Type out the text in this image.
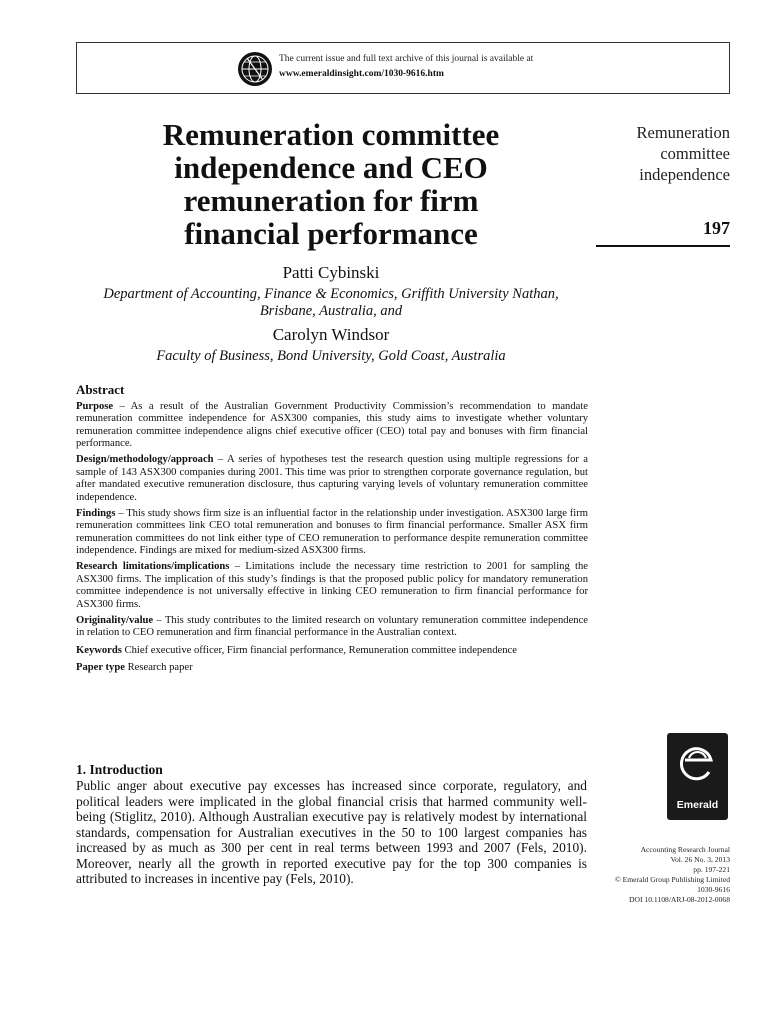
The current issue and full text archive of this journal is available at
www.emeraldinsight.com/1030-9616.htm
Remuneration committee
independence and CEO
remuneration for firm
financial performance
Remuneration
committee
independence
197
Patti Cybinski
Department of Accounting, Finance & Economics, Griffith University Nathan,
Brisbane, Australia, and
Carolyn Windsor
Faculty of Business, Bond University, Gold Coast, Australia
Abstract

Purpose – As a result of the Australian Government Productivity Commission’s recommendation to mandate remuneration committee independence for ASX300 companies, this study aims to investigate whether voluntary remuneration committee independence aligns chief executive officer (CEO) total pay and bonuses with firm financial performance.

Design/methodology/approach – A series of hypotheses test the research question using multiple regressions for a sample of 143 ASX300 companies during 2001. This time was prior to strengthen corporate governance regulation, but after mandated executive remuneration disclosure, thus capturing varying levels of voluntary remuneration committee independence.

Findings – This study shows firm size is an influential factor in the relationship under investigation. ASX300 large firm remuneration committees link CEO total remuneration and bonuses to firm financial performance. Smaller ASX firm remuneration committees do not link either type of CEO remuneration to performance despite remuneration committee independence. Findings are mixed for medium-sized ASX300 firms.

Research limitations/implications – Limitations include the necessary time restriction to 2001 for sampling the ASX300 firms. The implication of this study’s findings is that the proposed public policy for mandatory remuneration committee independence is not universally effective in linking CEO remuneration to firm financial performance for ASX300 firms.

Originality/value – This study contributes to the limited research on voluntary remuneration committee independence in relation to CEO remuneration and firm financial performance in the Australian context.

Keywords Chief executive officer, Firm financial performance, Remuneration committee independence

Paper type Research paper

1. Introduction
Public anger about executive pay excesses has increased since corporate, regulatory, and political leaders were implicated in the global financial crisis that harmed community well-being (Stiglitz, 2010). Although Australian executive pay is relatively modest by international standards, compensation for Australian executives in the 50 to 100 largest companies has increased by as much as 300 per cent in real terms between 1993 and 2007 (Fels, 2010). Moreover, nearly all the growth in reported executive pay for the top 300 companies is attributed to increases in incentive pay (Fels, 2010).
Emerald
Accounting Research Journal
Vol. 26 No. 3, 2013
pp. 197-221
© Emerald Group Publishing Limited
1030-9616
DOI 10.1108/ARJ-08-2012-0068
